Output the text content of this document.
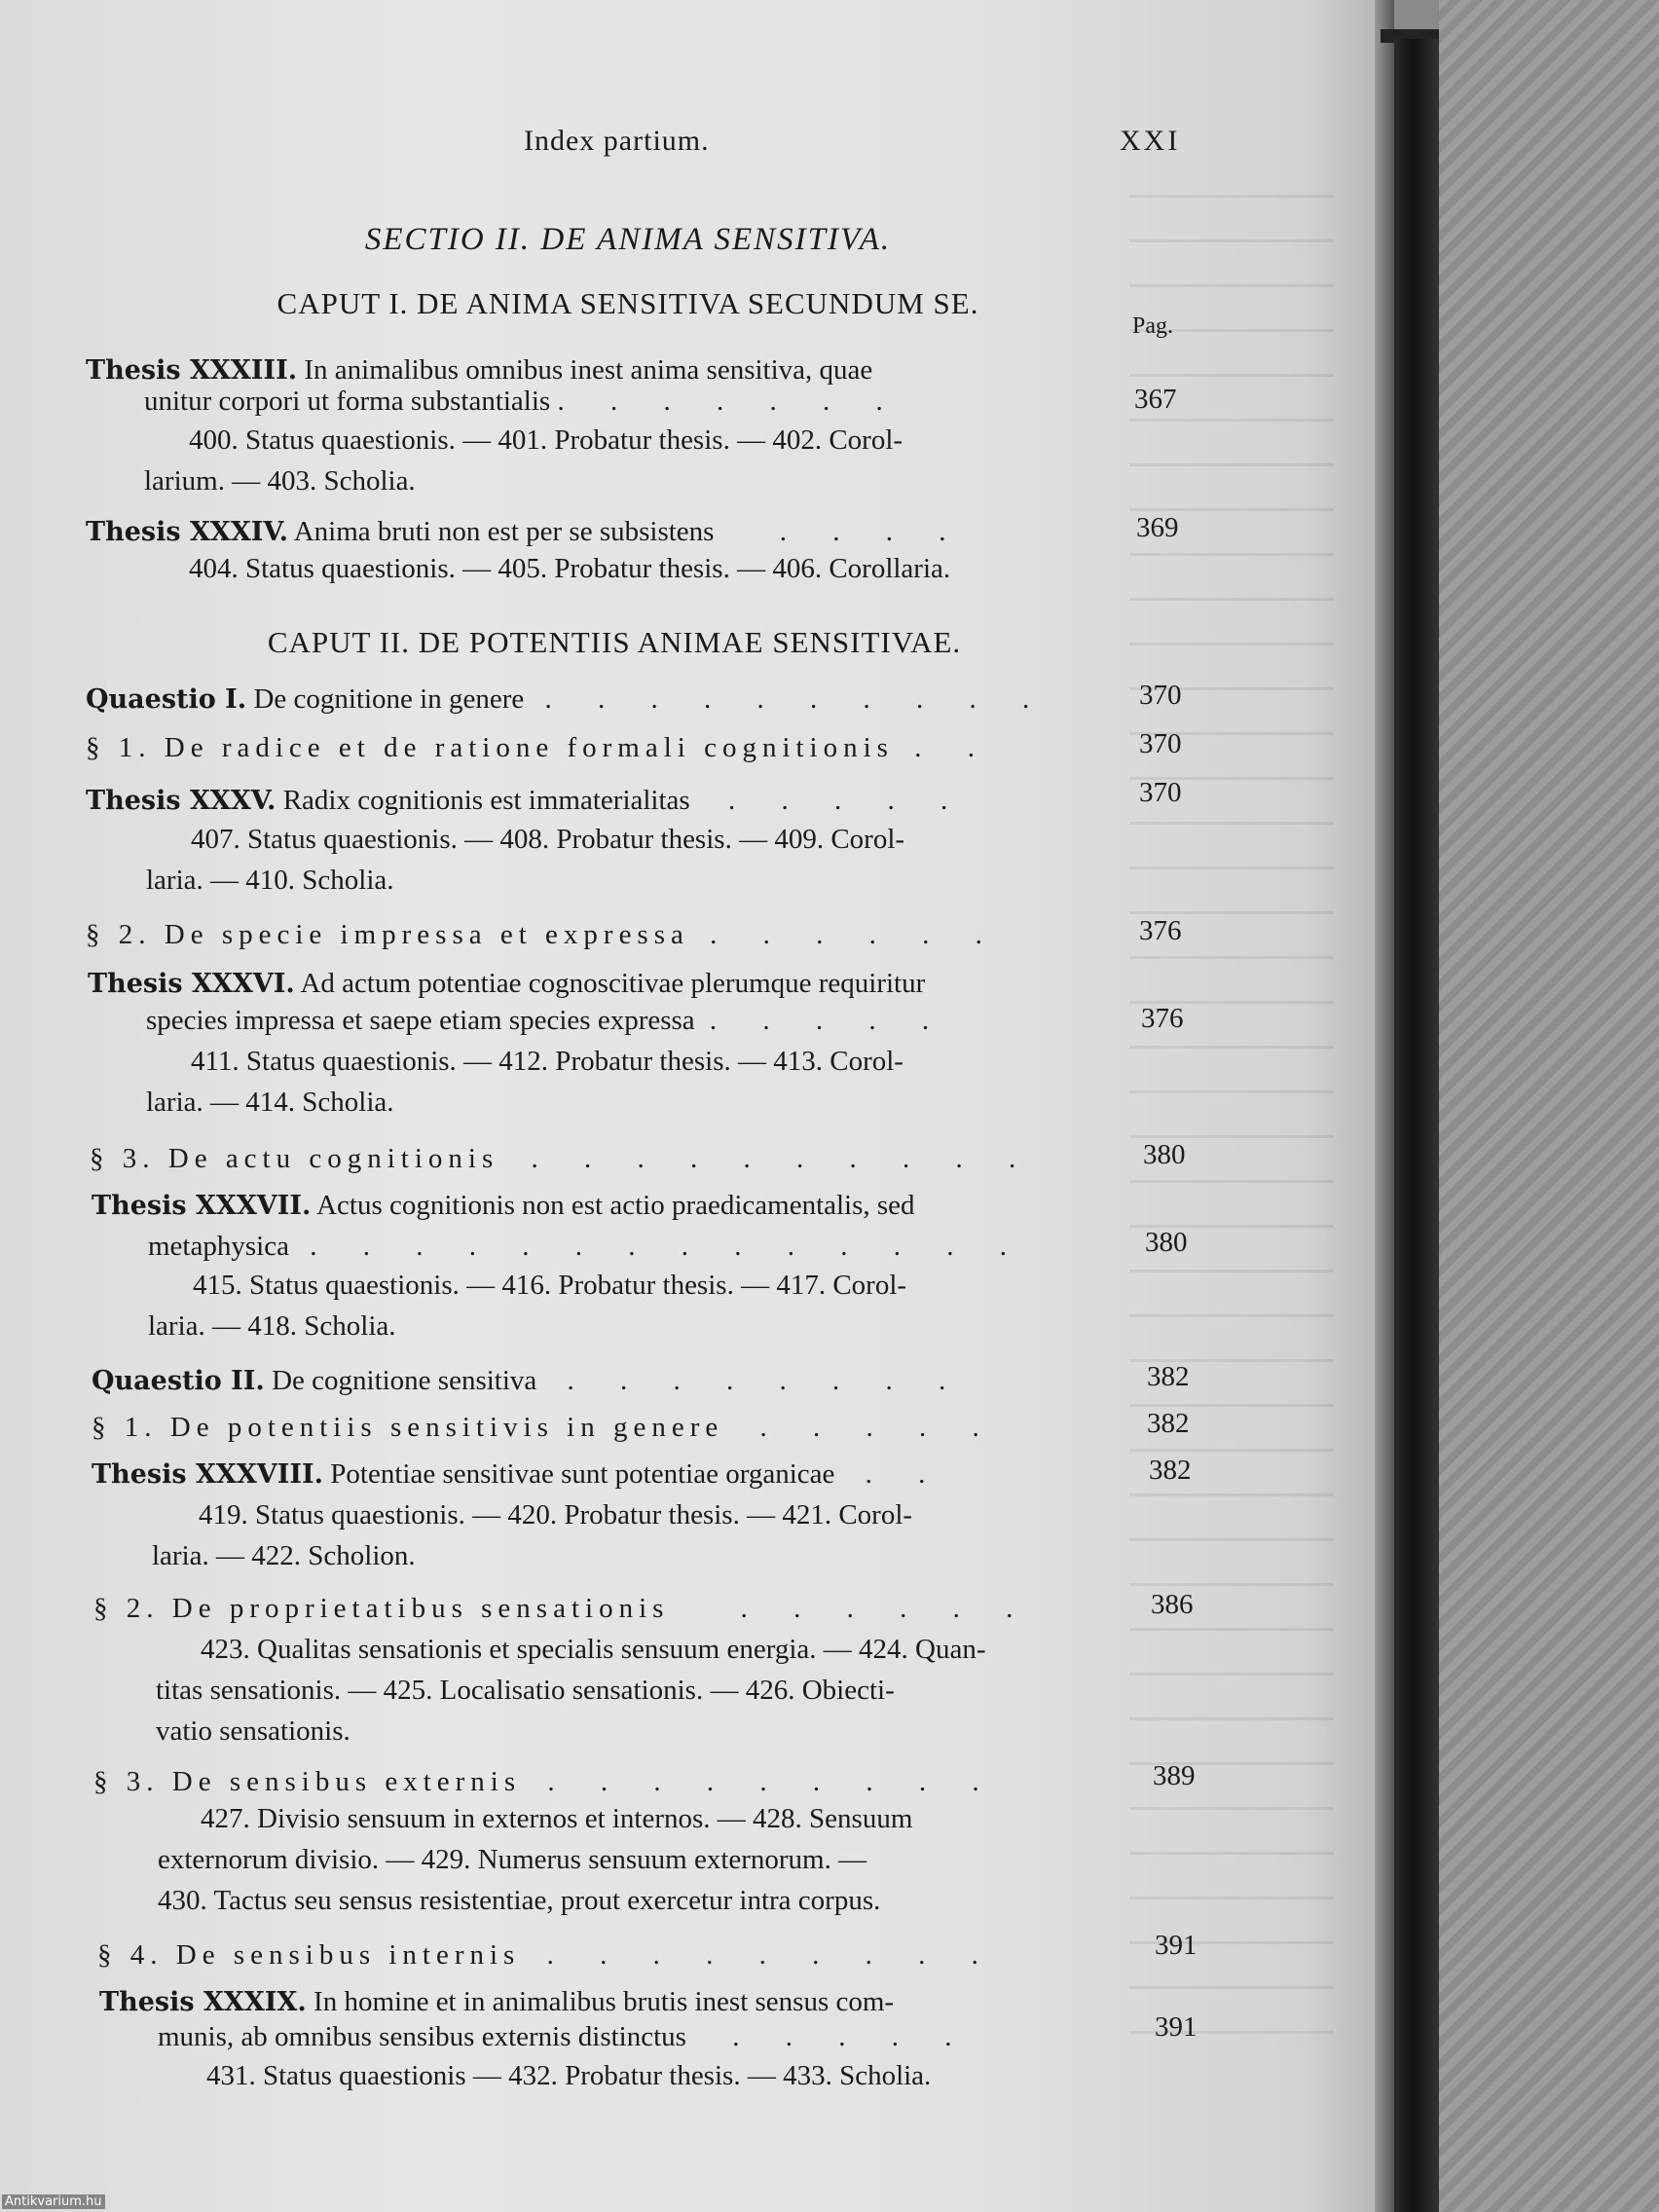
Index partium.	XXI
SECTIO II. DE ANIMA SENSITIVA.
CAPUT I. DE ANIMA SENSITIVA SECUNDUM SE.
Pag.
Thesis XXXIII. In animalibus omnibus inest anima sensitiva, quae
unitur corpori ut forma substantialis . . . . . . .	367
400. Status quaestionis. — 401. Probatur thesis. — 402. Corol-
larium. — 403. Scholia.
Thesis XXXIV. Anima bruti non est per se subsistens . . . .	369
404. Status quaestionis. — 405. Probatur thesis. — 406. Corollaria.
CAPUT II. DE POTENTIIS ANIMAE SENSITIVAE.
Quaestio I. De cognitione in genere . . . . . . . . . .	370
§ 1. De radice et de ratione formali cognitionis . .	370
Thesis XXXV. Radix cognitionis est immaterialitas . . . . .	370
407. Status quaestionis. — 408. Probatur thesis. — 409. Corol-
laria. — 410. Scholia.
§ 2. De specie impressa et expressa . . . . . .	376
Thesis XXXVI. Ad actum potentiae cognoscitivae plerumque requiritur
species impressa et saepe etiam species expressa . . . . .	376
411. Status quaestionis. — 412. Probatur thesis. — 413. Corol-
laria. — 414. Scholia.
§ 3. De actu cognitionis . . . . . . . . . .	380
Thesis XXXVII. Actus cognitionis non est actio praedicamentalis, sed
metaphysica . . . . . . . . . . . . . .	380
415. Status quaestionis. — 416. Probatur thesis. — 417. Corol-
laria. — 418. Scholia.
Quaestio II. De cognitione sensitiva . . . . . . . .	382
§ 1. De potentiis sensitivis in genere . . . . .	382
Thesis XXXVIII. Potentiae sensitivae sunt potentiae organicae . .	382
419. Status quaestionis. — 420. Probatur thesis. — 421. Corol-
laria. — 422. Scholion.
§ 2. De proprietatibus sensationis	. . . . . .	386
423. Qualitas sensationis et specialis sensuum energia. — 424. Quan-
titas sensationis. — 425. Localisatio sensationis. — 426. Obiecti-
vatio sensationis.
§ 3. De sensibus externis . . . . . . . . .	389
427. Divisio sensuum in externos et internos. — 428. Sensuum
externorum divisio. — 429. Numerus sensuum externorum. —
430. Tactus seu sensus resistentiae, prout exercetur intra corpus.
§ 4. De sensibus internis . . . . . . . . .	391
Thesis XXXIX. In homine et in animalibus brutis inest sensus com-
munis, ab omnibus sensibus externis distinctus . . . . .	391
431. Status quaestionis — 432. Probatur thesis. — 433. Scholia.
Antikvarium.hu
